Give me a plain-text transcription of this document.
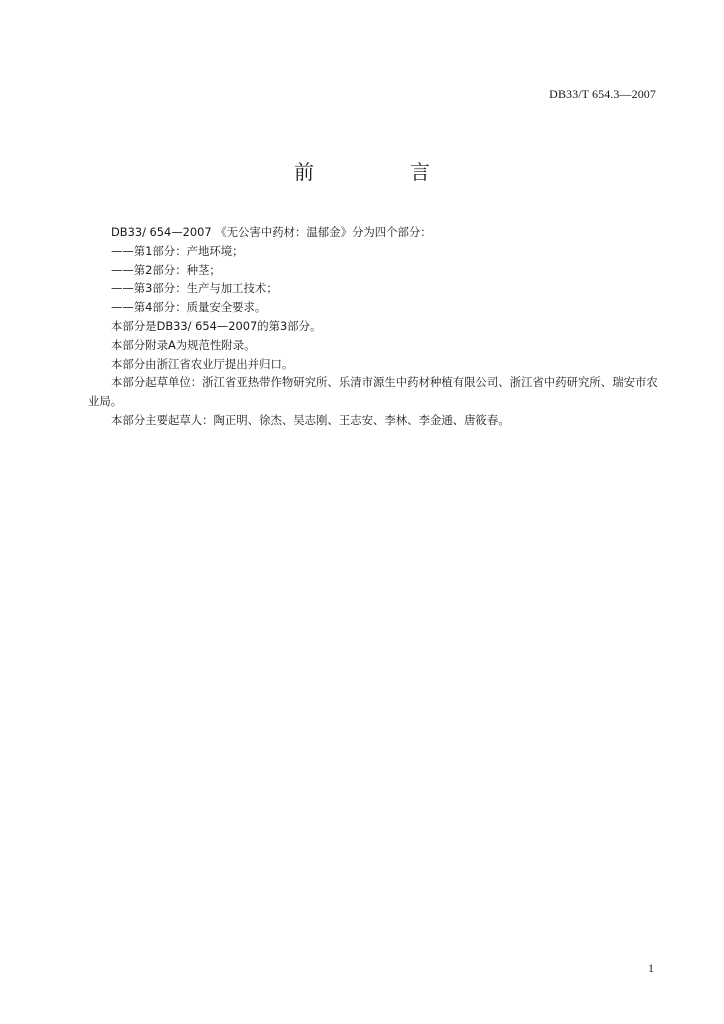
DB33/T 654.3—2007
前　言

DB33/ 654—2007 《无公害中药材：温郁金》分为四个部分：

——第1部分：产地环境；

——第2部分：种茎；

——第3部分：生产与加工技术；

——第4部分：质量安全要求。

本部分是DB33/ 654—2007的第3部分。

本部分附录A为规范性附录。

本部分由浙江省农业厅提出并归口。

本部分起草单位：浙江省亚热带作物研究所、乐清市源生中药材种植有限公司、浙江省中药研究所、瑞安市农业局。

本部分主要起草人：陶正明、徐杰、吴志刚、王志安、李林、李金通、唐筱春。

1
